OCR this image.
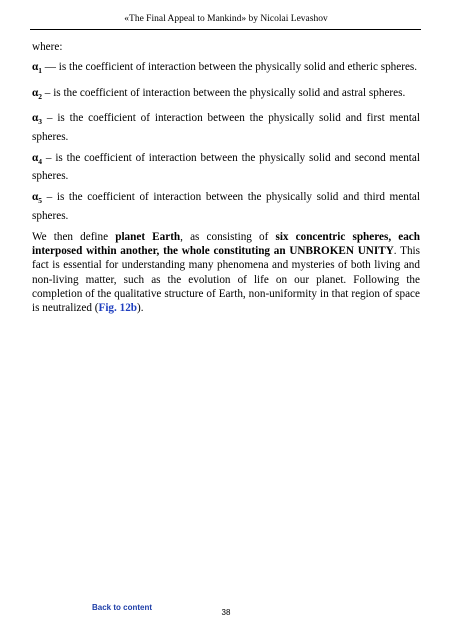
«The Final Appeal to Mankind» by Nicolai Levashov

where:

$\alpha_1$ — is the coefficient of interaction between the physically solid and etheric spheres.

$\alpha_2$ – is the coefficient of interaction between the physically solid and astral spheres.

$\alpha_3$ – is the coefficient of interaction between the physically solid and first mental spheres.

$\alpha_4$ – is the coefficient of interaction between the physically solid and second mental spheres.

$\alpha_5$ – is the coefficient of interaction between the physically solid and third mental spheres.

We then define planet Earth, as consisting of six concentric spheres, each interposed within another, the whole constituting an UNBROKEN UNITY. This fact is essential for understanding many phenomena and mysteries of both living and non-living matter, such as the evolution of life on our planet. Following the completion of the qualitative structure of Earth, non-uniformity in that region of space is neutralized (Fig. 12b).

Back to content
38
